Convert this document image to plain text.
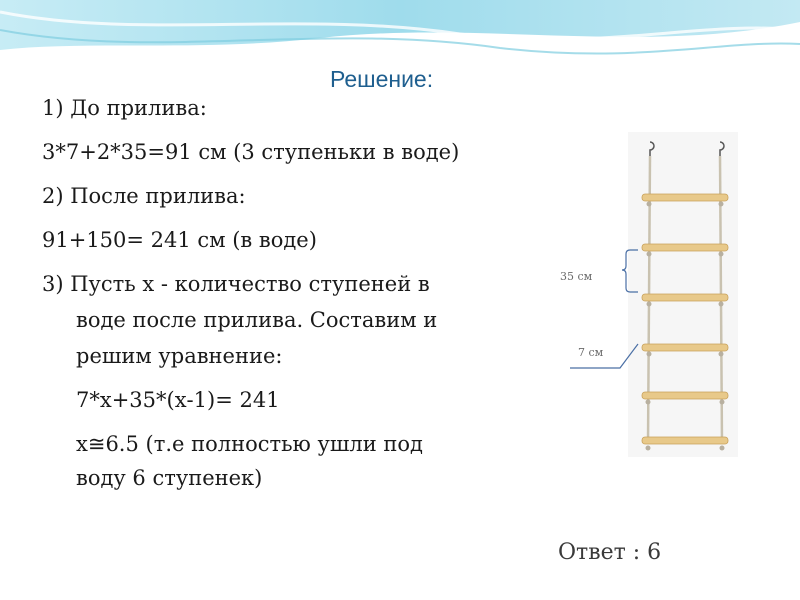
Решение:
1) До прилива:
3*7+2*35=91 см (3 ступеньки в воде)
2) После прилива:
91+150= 241 см (в воде)
3) Пусть х - количество ступеней в
воде после прилива. Составим и
решим уравнение:
7*х+35*(х-1)= 241
х≅6.5 (т.е полностью ушли под
воду 6 ступенек)
35 см
7 см
Ответ : 6
